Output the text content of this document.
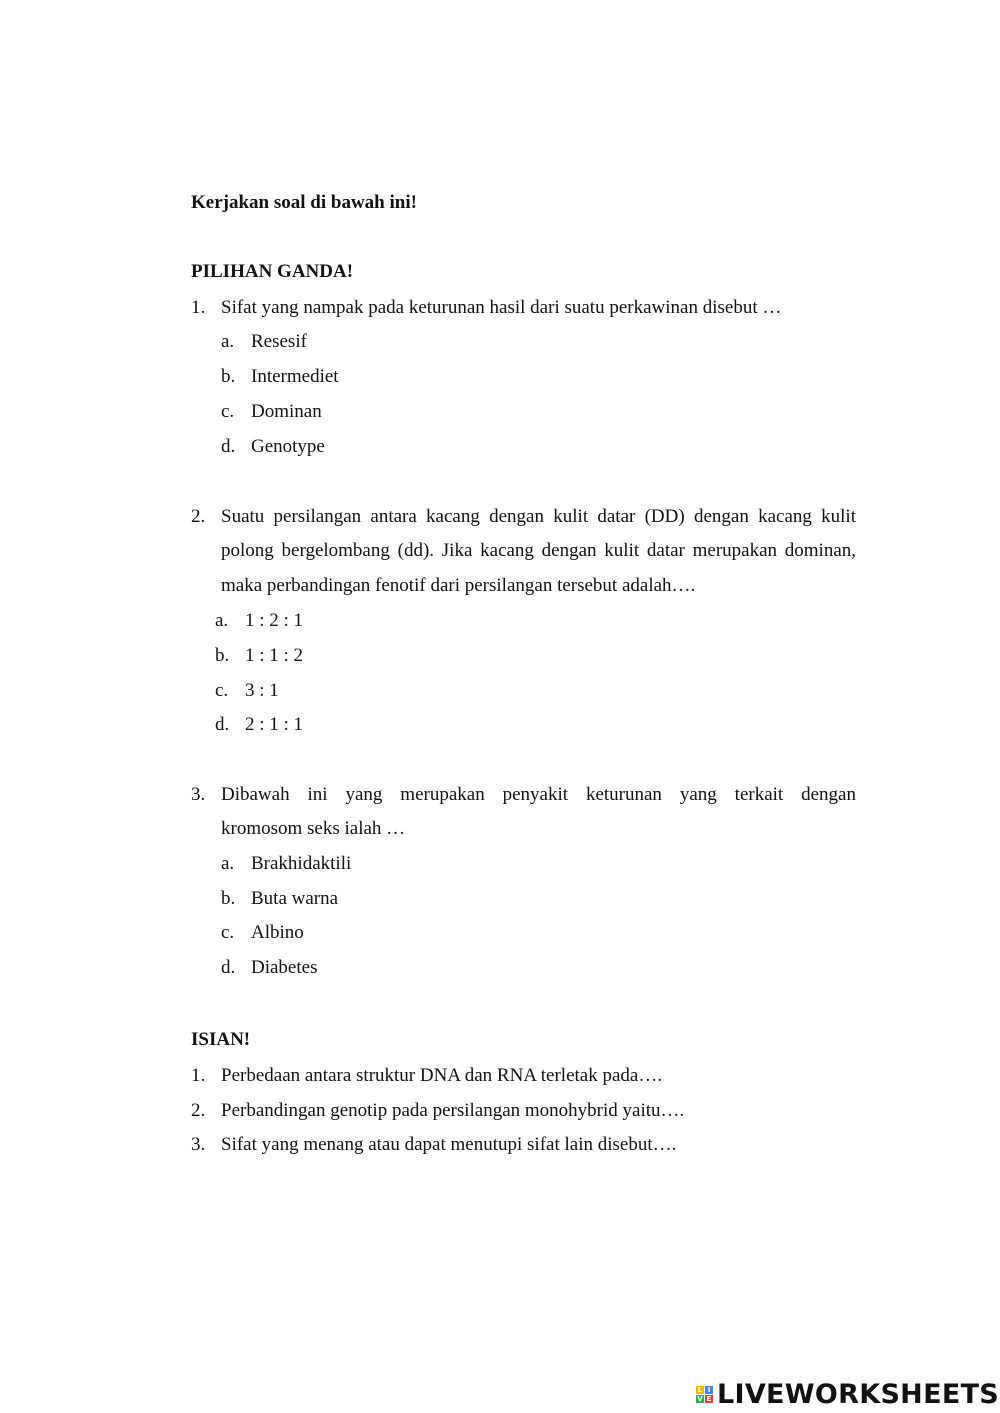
Kerjakan soal di bawah ini!
PILIHAN GANDA!
1. Sifat yang nampak pada keturunan hasil dari suatu perkawinan disebut …
a. Resesif
b. Intermediet
c. Dominan
d. Genotype
2. Suatu persilangan antara kacang dengan kulit datar (DD) dengan kacang kulit
polong bergelombang (dd). Jika kacang dengan kulit datar merupakan dominan,
maka perbandingan fenotif dari persilangan tersebut adalah….
a. 1 : 2 : 1
b. 1 : 1 : 2
c. 3 : 1
d. 2 : 1 : 1
3. Dibawah ini yang merupakan penyakit keturunan yang terkait dengan
kromosom seks ialah …
a. Brakhidaktili
b. Buta warna
c. Albino
d. Diabetes
ISIAN!
1. Perbedaan antara struktur DNA dan RNA terletak pada….
2. Perbandingan genotip pada persilangan monohybrid yaitu….
3. Sifat yang menang atau dapat menutupi sifat lain disebut….
L I
V E LIVEWORKSHEETS
